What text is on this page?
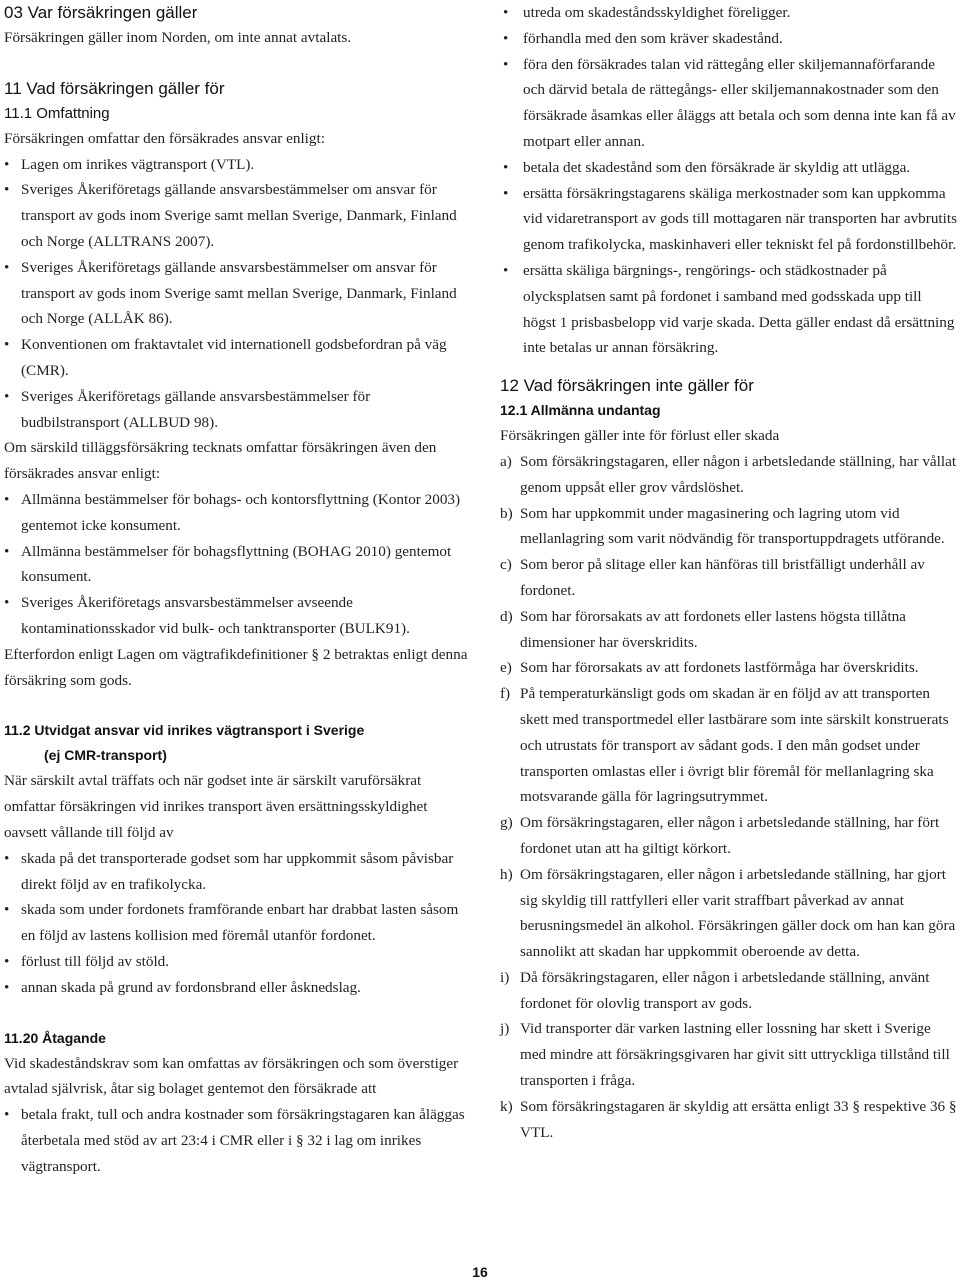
03 Var försäkringen gäller

Försäkringen gäller inom Norden, om inte annat avtalats.

11 Vad försäkringen gäller för
11.1 Omfattning

Försäkringen omfattar den försäkrades ansvar enligt:

• Lagen om inrikes vägtransport (VTL).
• Sveriges Åkeriföretags gällande ansvarsbestämmelser om ansvar för transport av gods inom Sverige samt mellan Sverige, Danmark, Finland och Norge (ALLTRANS 2007).
• Sveriges Åkeriföretags gällande ansvarsbestämmelser om ansvar för transport av gods inom Sverige samt mellan Sverige, Danmark, Finland och Norge (ALLÅK 86).
• Konventionen om fraktavtalet vid internationell godsbefordran på väg (CMR).
• Sveriges Åkeriföretags gällande ansvarsbestämmelser för budbilstransport (ALLBUD 98).

Om särskild tilläggsförsäkring tecknats omfattar försäkringen även den försäkrades ansvar enligt:

• Allmänna bestämmelser för bohags- och kontorsflyttning (Kontor 2003) gentemot icke konsument.
• Allmänna bestämmelser för bohagsflyttning (BOHAG 2010) gentemot konsument.
• Sveriges Åkeriföretags ansvarsbestämmelser avseende kontaminationsskador vid bulk- och tanktransporter (BULK91).

Efterfordon enligt Lagen om vägtrafikdefinitioner § 2 betraktas enligt denna försäkring som gods.

11.2 Utvidgat ansvar vid inrikes vägtransport i Sverige
(ej CMR-transport)

När särskilt avtal träffats och när godset inte är särskilt varuförsäkrat omfattar försäkringen vid inrikes transport även ersättningsskyldighet oavsett vållande till följd av

• skada på det transporterade godset som har uppkommit såsom påvisbar direkt följd av en trafikolycka.
• skada som under fordonets framförande enbart har drabbat lasten såsom en följd av lastens kollision med föremål utanför fordonet.
• förlust till följd av stöld.
• annan skada på grund av fordonsbrand eller åsknedslag.
11.20 Åtagande

Vid skadeståndskrav som kan omfattas av försäkringen och som överstiger avtalad självrisk, åtar sig bolaget gentemot den försäkrade att

• betala frakt, tull och andra kostnader som försäkringstagaren kan åläggas återbetala med stöd av art 23:4 i CMR eller i § 32 i lag om inrikes vägtransport.
• utreda om skadeståndsskyldighet föreligger.
• förhandla med den som kräver skadestånd.
• föra den försäkrades talan vid rättegång eller skiljemannaförfarande och därvid betala de rättegångs- eller skiljemannakostnader som den försäkrade åsamkas eller åläggs att betala och som denna inte kan få av motpart eller annan.
• betala det skadestånd som den försäkrade är skyldig att utlägga.
• ersätta försäkringstagarens skäliga merkostnader som kan uppkomma vid vidaretransport av gods till mottagaren när transporten har avbrutits genom trafikolycka, maskinhaveri eller tekniskt fel på fordonstillbehör.
• ersätta skäliga bärgnings-, rengörings- och städkostnader på olycksplatsen samt på fordonet i samband med godsskada upp till högst 1 prisbasbelopp vid varje skada. Detta gäller endast då ersättning inte betalas ur annan försäkring.
12 Vad försäkringen inte gäller för
12.1 Allmänna undantag

Försäkringen gäller inte för förlust eller skada

a) Som försäkringstagaren, eller någon i arbetsledande ställning, har vållat genom uppsåt eller grov vårdslöshet.
b) Som har uppkommit under magasinering och lagring utom vid mellanlagring som varit nödvändig för transportuppdragets utförande.
c) Som beror på slitage eller kan hänföras till bristfälligt underhåll av fordonet.
d) Som har förorsakats av att fordonets eller lastens högsta tillåtna dimensioner har överskridits.
e) Som har förorsakats av att fordonets lastförmåga har överskridits.
f) På temperaturkänsligt gods om skadan är en följd av att transporten skett med transportmedel eller lastbärare som inte särskilt konstruerats och utrustats för transport av sådant gods. I den mån godset under transporten omlastas eller i övrigt blir föremål för mellanlagring ska motsvarande gälla för lagringsutrymmet.
g) Om försäkringstagaren, eller någon i arbetsledande ställning, har fört fordonet utan att ha giltigt körkort.
h) Om försäkringstagaren, eller någon i arbetsledande ställning, har gjort sig skyldig till rattfylleri eller varit straffbart påverkad av annat berusningsmedel än alkohol. Försäkringen gäller dock om han kan göra sannolikt att skadan har uppkommit oberoende av detta.
i) Då försäkringstagaren, eller någon i arbetsledande ställning, använt fordonet för olovlig transport av gods.
j) Vid transporter där varken lastning eller lossning har skett i Sverige med mindre att försäkringsgivaren har givit sitt uttryckliga tillstånd till transporten i fråga.
k) Som försäkringstagaren är skyldig att ersätta enligt 33 § respektive 36 § VTL.
16
